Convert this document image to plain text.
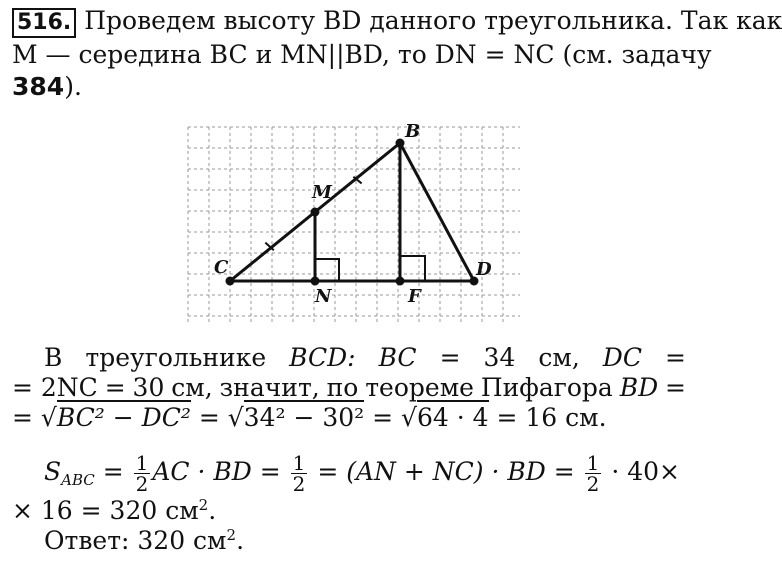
516. Проведем высоту BD данного треугольника. Так как
M — середина BC и MN||BD, то DN = NC (см. задачу
384).
B
M
C	D
N	F
В треугольнике BCD: BC = 34 см, DC =
= 2NC = 30 см, значит, по теореме Пифагора BD =
= √BC² − DC² = √34² − 30² = √64 · 4 = 16 см.
$S_{ABC} = \frac{1}{2}$ AC · BD = $\frac{1}{2} = (AN + NC)$ · BD = $\frac{1}{2} \cdot 40\times$
× 16 = 320 $см^2$.
Ответ: 320 $см^2$.
